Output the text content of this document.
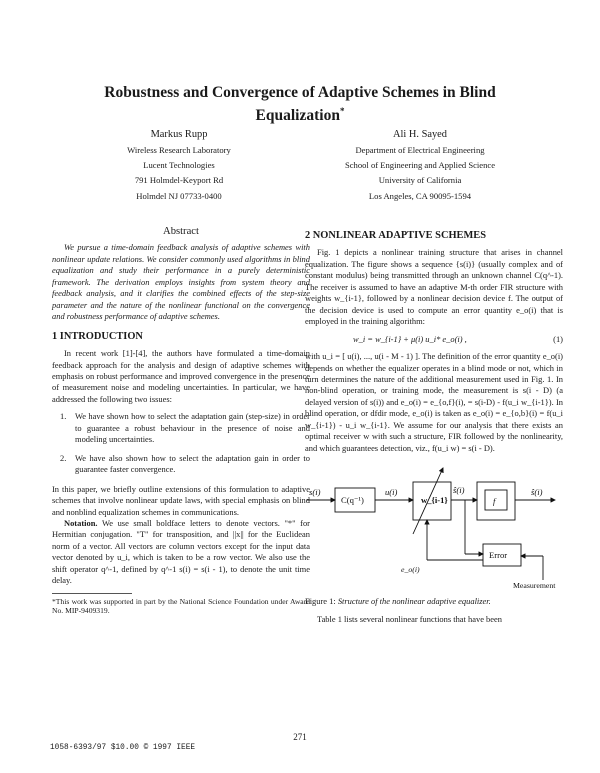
Robustness and Convergence of Adaptive Schemes in Blind Equalization*
Markus Rupp
Wireless Research Laboratory
Lucent Technologies
791 Holmdel-Keyport Rd
Holmdel NJ 07733-0400
Ali H. Sayed
Department of Electrical Engineering
School of Engineering and Applied Science
University of California
Los Angeles, CA 90095-1594
Abstract

We pursue a time-domain feedback analysis of adaptive schemes with nonlinear update relations. We consider commonly used algorithms in blind equalization and study their performance in a purely deterministic framework. The derivation employs insights from system theory and feedback analysis, and it clarifies the combined effects of the step-size parameter and the nature of the nonlinear functional on the convergence and robustness performance of adaptive schemes.

1 INTRODUCTION

In recent work [1]-[4], the authors have formulated a time-domain feedback approach for the analysis and design of adaptive schemes with emphasis on robust performance and improved convergence in the presence of measurement noise and modeling uncertainties. In particular, we have addressed the following two issues:

1. We have shown how to select the adaptation gain (step-size) in order to guarantee a robust behaviour in the presence of noise and modeling uncertainties.
2. We have also shown how to select the adaptation gain in order to guarantee faster convergence.

In this paper, we briefly outline extensions of this formulation to adaptive schemes that involve nonlinear update laws, with special emphasis on blind and nonblind equalization schemes in communications.

Notation. We use small boldface letters to denote vectors. "*" for Hermitian conjugation. "T" for transposition, and ||x|| for the Euclidean norm of a vector. All vectors are column vectors except for the input data vector denoted by u_i, which is taken to be a row vector. We also use the shift operator q^-1, defined by q^-1 s(i) = s(i - 1), to denote the unit time delay.

*This work was supported in part by the National Science Foundation under Award No. MIP-9409319.

2 NONLINEAR ADAPTIVE SCHEMES

Fig. 1 depicts a nonlinear training structure that arises in channel equalization. The figure shows a sequence {s(i)} (usually complex and of constant modulus) being transmitted through an unknown channel C(q^-1). The receiver is assumed to have an adaptive M-th order FIR structure with weights w_{i-1}, followed by a nonlinear decision device f. The output of the decision device is used to compute an error quantity e_o(i) that is employed in the training algorithm:

w_i = w_{i-1} + μ(i) u_i* e_o(i) ,	(1)

with u_i = [ u(i), ..., u(i - M - 1) ]. The definition of the error quantity e_o(i) depends on whether the equalizer operates in a blind mode or not, which in turn determines the nature of the additional measurement used in Fig. 1. In non-blind operation, or training mode, the measurement is s(i - D) (a delayed version of s(i)) and e_o(i) = e_{o,f}(i), = s(i-D) - f(u_i w_{i-1}). In blind operation, or dfdir mode, e_o(i) is taken as e_o(i) = e_{o,b}(i) = f(u_i w_{i-1}) - u_i w_{i-1}. We assume for our analysis that there exists an optimal receiver w with such a structure, FIR followed by the nonlinearity, and which guarantees detection, viz., f(u_i w) = s(i - D).

s(i)
C(q⁻¹)
u(i)
w_{i-1}
ŝ(i)
f
ŝ(i)
Error
e_o(i)
Measurement

Figure 1: Structure of the nonlinear adaptive equalizer.

Table 1 lists several nonlinear functions that have been

271
1058-6393/97 $10.00 © 1997 IEEE
